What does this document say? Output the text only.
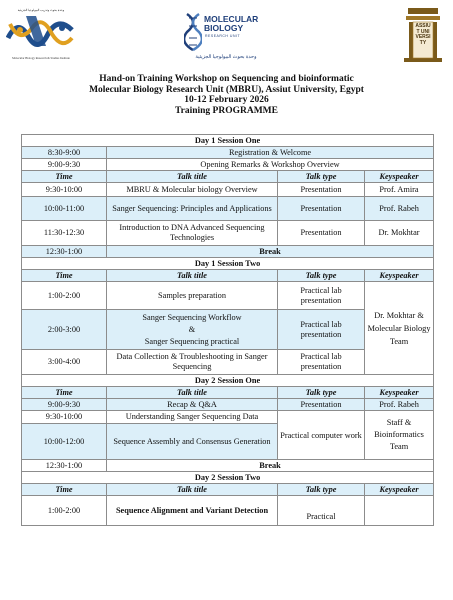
وحدة بحوث وتدريب البيولوجيا الجزيئية
Molecular Biology Research & Studies Institute
MOLECULAR
BIOLOGY
RESEARCH UNIT
وحدة بحوث البيولوجيا الجزيئية
ASSIUT UNIVERSITY
Hand-on Training Workshop on Sequencing and bioinformatic
Molecular Biology Research Unit (MBRU), Assiut University, Egypt
10-12 February 2026
Training PROGRAMME
Day 1 Session One			
8:30-9:00	Registration & Welcome		
9:00-9:30	Opening Remarks & Workshop Overview		
Time	Talk title	Talk type	Keyspeaker
9:30-10:00	MBRU & Molecular biology Overview	Presentation	Prof. Amira
10:00-11:00	Sanger Sequencing: Principles and Applications	Presentation	Prof. Rabeh
11:30-12:30	Introduction to DNA Advanced Sequencing Technologies	Presentation	Dr. Mokhtar
12:30-1:00	Break		
Day 1 Session Two			
Time	Talk title	Talk type	Keyspeaker
1:00-2:00	Samples preparation	Practical lab presentation	Dr. Mokhtar & Molecular Biology Team
2:00-3:00	Sanger Sequencing Workflow
&
Sanger Sequencing practical	Practical lab presentation	
3:00-4:00	Data Collection & Troubleshooting in Sanger Sequencing	Practical lab presentation	
Day 2 Session One			
Time	Talk title	Talk type	Keyspeaker
9:00-9:30	Recap & Q&A	Presentation	Prof. Rabeh
9:30-10:00	Understanding Sanger Sequencing Data	Practical computer work	Staff & Bioinformatics Team
10:00-12:00	Sequence Assembly and Consensus Generation		
12:30-1:00	Break		
Day 2 Session Two			
Time	Talk title	Talk type	Keyspeaker
1:00-2:00	Sequence Alignment and Variant Detection	Practical	
